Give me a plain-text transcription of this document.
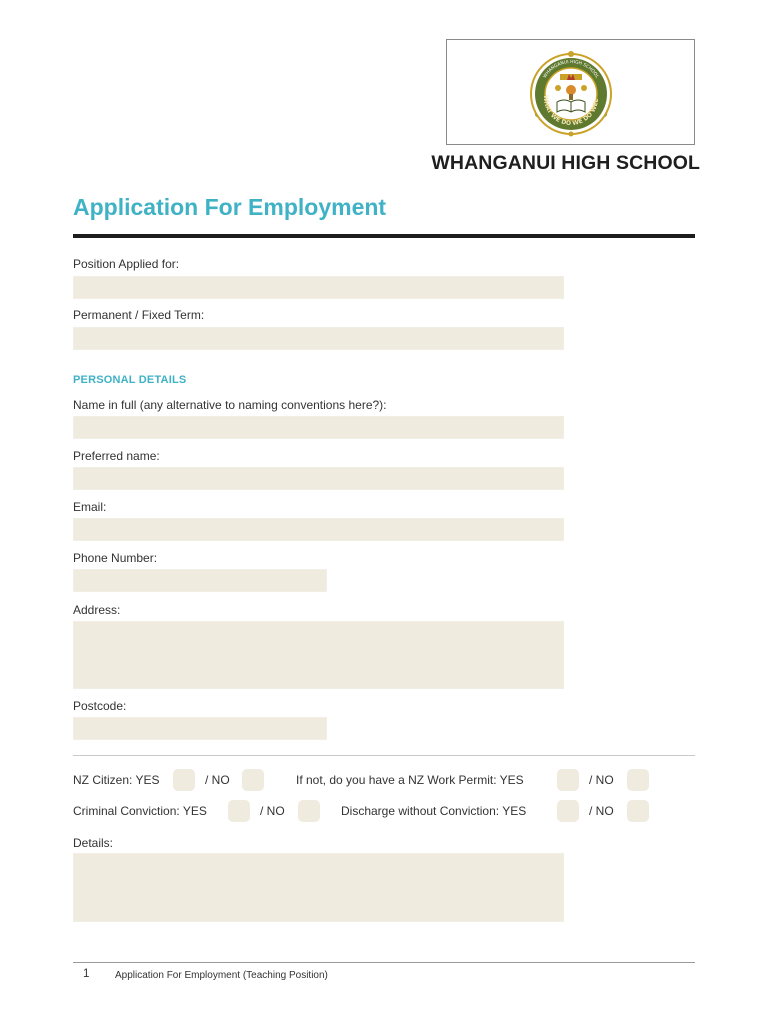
WHAT WE DO WE DO WEL
WHANGANUI HIGH SCHOOL
WHANGANUI HIGH SCHOOL
Application For Employment
Position Applied for:
Permanent / Fixed Term:
PERSONAL DETAILS
Name in full (any alternative to naming conventions here?):
Preferred name:
Email:
Phone Number:
Address:
Postcode:
NZ Citizen: YES	/ NO	If not, do you have a NZ Work Permit: YES	/ NO
Criminal Conviction: YES	/ NO	Discharge without Conviction: YES	/ NO
Details:
1	Application For Employment (Teaching Position)
